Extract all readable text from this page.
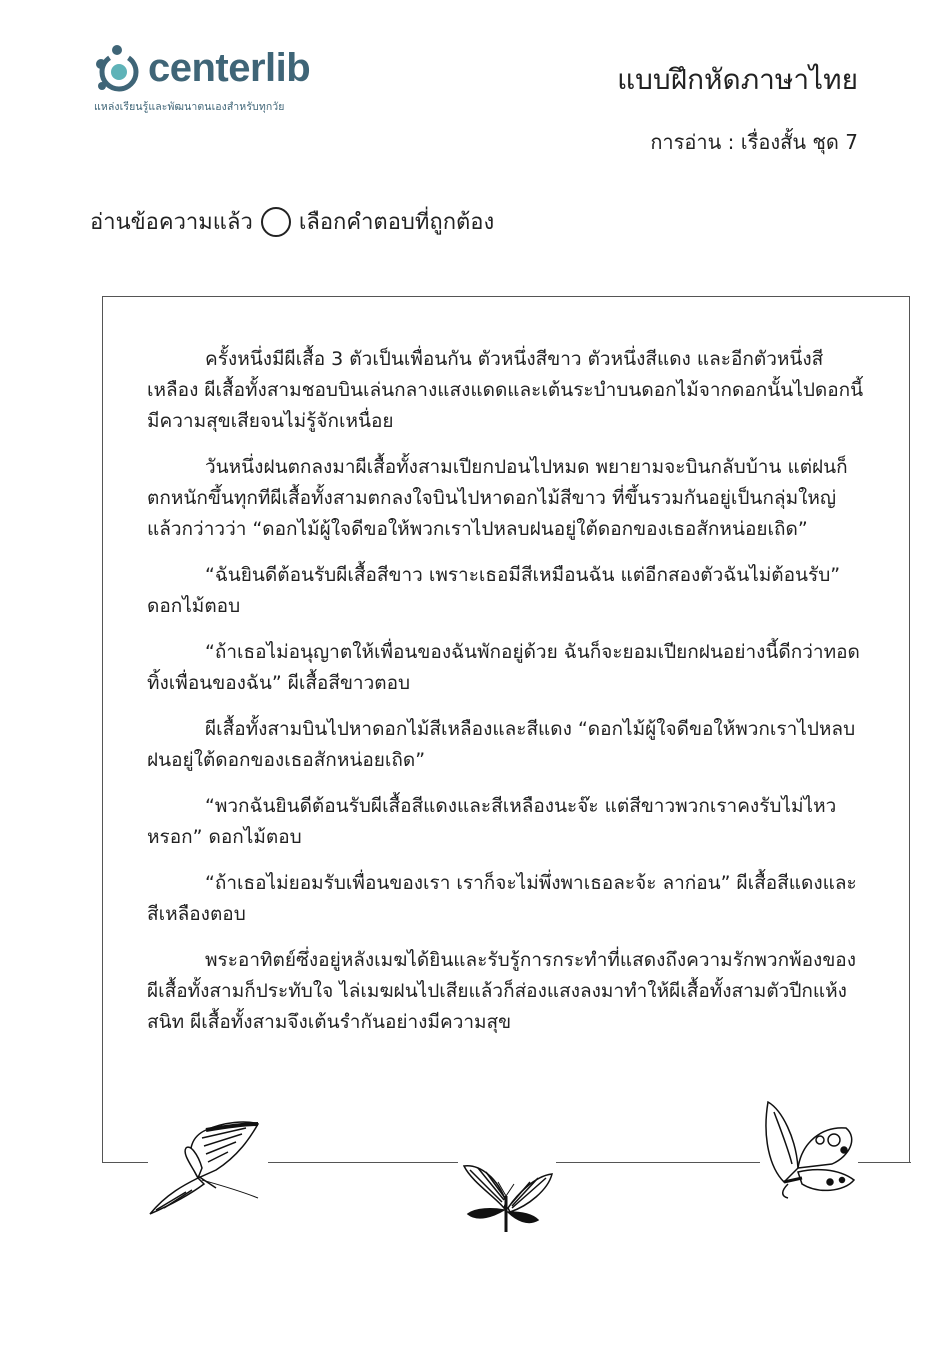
centerlib
แหล่งเรียนรู้และพัฒนาตนเองสำหรับทุกวัย
แบบฝึกหัดภาษาไทย
การอ่าน : เรื่องสั้น ชุด 7
อ่านข้อความแล้ว เลือกคำตอบที่ถูกต้อง

ครั้งหนึ่งมีผีเสื้อ 3 ตัวเป็นเพื่อนกัน ตัวหนึ่งสีขาว ตัวหนึ่งสีแดง และอีกตัวหนึ่งสีเหลือง ผีเสื้อทั้งสามชอบบินเล่นกลางแสงแดดและเต้นระบำบนดอกไม้จากดอกนั้นไปดอกนี้มีความสุขเสียจนไม่รู้จักเหนื่อย

วันหนึ่งฝนตกลงมาผีเสื้อทั้งสามเปียกปอนไปหมด พยายามจะบินกลับบ้าน แต่ฝนก็ตกหนักขึ้นทุกทีผีเสื้อทั้งสามตกลงใจบินไปหาดอกไม้สีขาว ที่ขึ้นรวมกันอยู่เป็นกลุ่มใหญ่ แล้วกว่าวว่า “ดอกไม้ผู้ใจดีขอให้พวกเราไปหลบฝนอยู่ใต้ดอกของเธอสักหน่อยเถิด”

“ฉันยินดีต้อนรับผีเสื้อสีขาว เพราะเธอมีสีเหมือนฉัน แต่อีกสองตัวฉันไม่ต้อนรับ” ดอกไม้ตอบ

“ถ้าเธอไม่อนุญาตให้เพื่อนของฉันพักอยู่ด้วย ฉันก็จะยอมเปียกฝนอย่างนี้ดีกว่าทอดทิ้งเพื่อนของฉัน” ผีเสื้อสีขาวตอบ

ผีเสื้อทั้งสามบินไปหาดอกไม้สีเหลืองและสีแดง “ดอกไม้ผู้ใจดีขอให้พวกเราไปหลบฝนอยู่ใต้ดอกของเธอสักหน่อยเถิด”

“พวกฉันยินดีต้อนรับผีเสื้อสีแดงและสีเหลืองนะจ๊ะ แต่สีขาวพวกเราคงรับไม่ไหวหรอก” ดอกไม้ตอบ

“ถ้าเธอไม่ยอมรับเพื่อนของเรา เราก็จะไม่พึ่งพาเธอละจ้ะ ลาก่อน” ผีเสื้อสีแดงและสีเหลืองตอบ

พระอาทิตย์ซึ่งอยู่หลังเมฆได้ยินและรับรู้การกระทำที่แสดงถึงความรักพวกพ้องของผีเสื้อทั้งสามก็ประทับใจ ไล่เมฆฝนไปเสียแล้วก็ส่องแสงลงมาทำให้ผีเสื้อทั้งสามตัวปีกแห้งสนิท ผีเสื้อทั้งสามจึงเต้นรำกันอย่างมีความสุข
